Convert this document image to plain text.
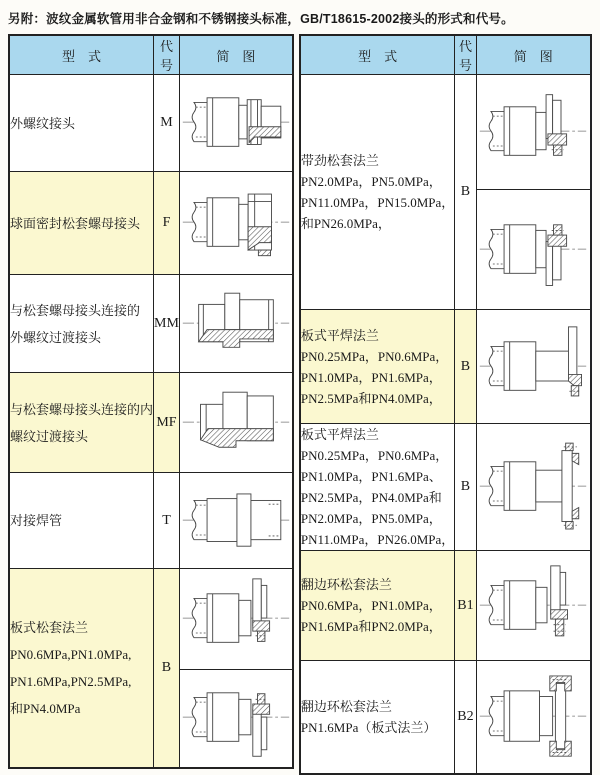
另附：波纹金属软管用非合金钢和不锈钢接头标准，GB/T18615-2002接头的形式和代号。
型　式	代号	简　图

外螺纹接头	M	

球面密封松套螺母接头	F	

与松套螺母接头连接的
外螺纹过渡接头	MM	

与松套螺母接头连接的内
螺纹过渡接头	MF	

对接焊管	T	

板式松套法兰
PN0.6MPa,PN1.0MPa,
PN1.6MPa,PN2.5MPa,
和PN4.0MPa	B	

型　式	代号	简　图

带劲松套法兰
PN2.0MPa，PN5.0MPa，
PN11.0MPa，PN15.0MPa，
和PN26.0MPa，	B	

板式平焊法兰
PN0.25MPa，PN0.6MPa，
PN1.0MPa，PN1.6MPa，
PN2.5MPa和PN4.0MPa，	B	

板式平焊法兰
PN0.25MPa，PN0.6MPa，
PN1.0MPa，PN1.6MPa、
PN2.5MPa，PN4.0MPa和
PN2.0MPa，PN5.0MPa，
PN11.0MPa，PN26.0MPa，
	B	

翻边环松套法兰
PN0.6MPa，PN1.0MPa，
PN1.6MPa和PN2.0MPa，	B1	

翻边环松套法兰
PN1.6MPa（板式法兰）	B2	
